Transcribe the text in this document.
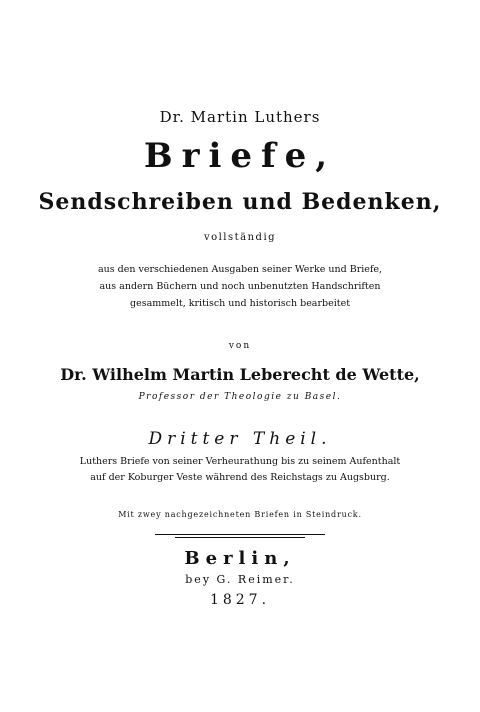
Dr. Martin Luthers
Briefe,
Sendschreiben und Bedenken,
vollständig
aus den verschiedenen Ausgaben seiner Werke und Briefe,
aus andern Büchern und noch unbenutzten Handschriften
gesammelt, kritisch und historisch bearbeitet
von
Dr. Wilhelm Martin Leberecht de Wette,
Professor der Theologie zu Basel.
Dritter Theil.
Luthers Briefe von seiner Verheurathung bis zu seinem Aufenthalt
auf der Koburger Veste während des Reichstags zu Augsburg.
Mit zwey nachgezeichneten Briefen in Steindruck.
Berlin,
bey G. Reimer.
1827.
